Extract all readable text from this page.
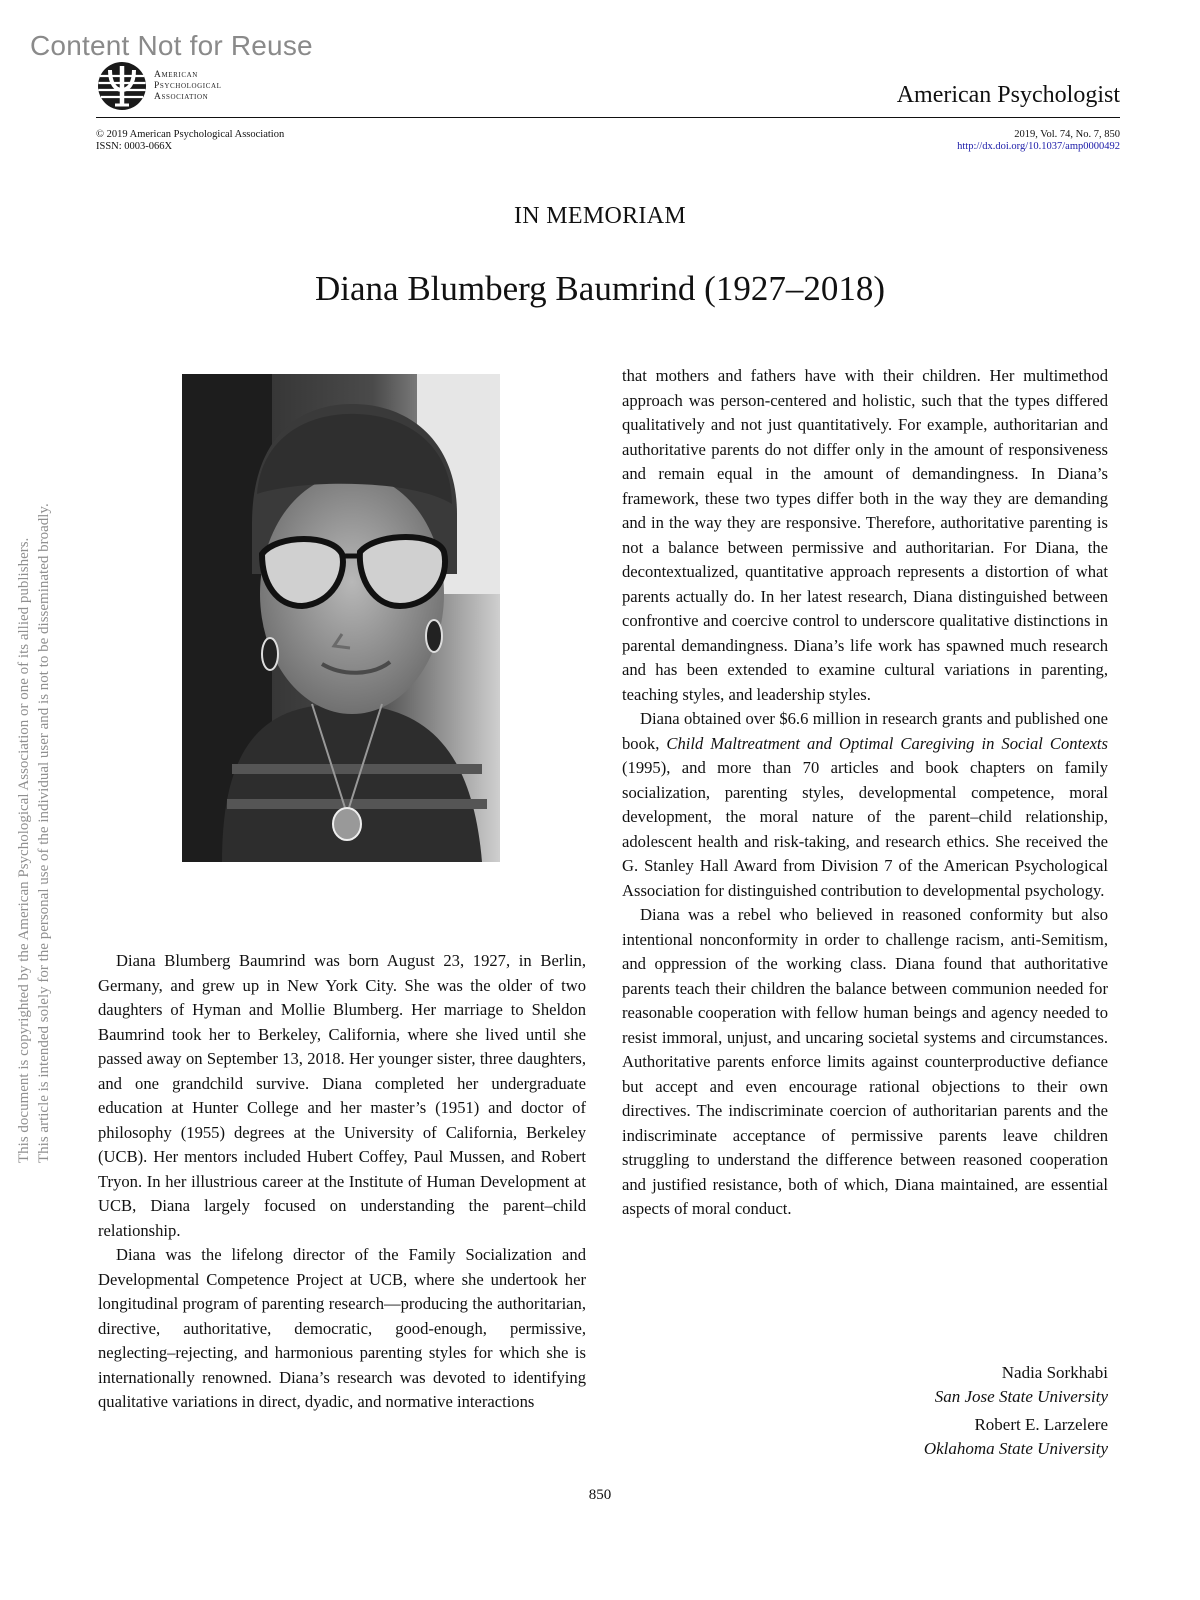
Content Not for Reuse
American
Psychological
Association	American Psychologist
© 2019 American Psychological Association
ISSN: 0003-066X
2019, Vol. 74, No. 7, 850
http://dx.doi.org/10.1037/amp0000492
This document is copyrighted by the American Psychological Association or one of its allied publishers. This article is intended solely for the personal use of the individual user and is not to be disseminated broadly.
IN MEMORIAM
Diana Blumberg Baumrind (1927–2018)

Diana Blumberg Baumrind was born August 23, 1927, in Berlin, Germany, and grew up in New York City. She was the older of two daughters of Hyman and Mollie Blumberg. Her marriage to Sheldon Baumrind took her to Berkeley, California, where she lived until she passed away on September 13, 2018. Her younger sister, three daughters, and one grandchild survive. Diana completed her undergraduate education at Hunter College and her master’s (1951) and doctor of philosophy (1955) degrees at the University of California, Berkeley (UCB). Her mentors included Hubert Coffey, Paul Mussen, and Robert Tryon. In her illustrious career at the Institute of Human Development at UCB, Diana largely focused on understanding the parent–child relationship.

Diana was the lifelong director of the Family Socialization and Developmental Competence Project at UCB, where she undertook her longitudinal program of parenting research—producing the authoritarian, directive, authoritative, democratic, good-enough, permissive, neglecting–rejecting, and harmonious parenting styles for which she is internationally renowned. Diana’s research was devoted to identifying qualitative variations in direct, dyadic, and normative interactions

that mothers and fathers have with their children. Her multimethod approach was person-centered and holistic, such that the types differed qualitatively and not just quantitatively. For example, authoritarian and authoritative parents do not differ only in the amount of responsiveness and remain equal in the amount of demandingness. In Diana’s framework, these two types differ both in the way they are demanding and in the way they are responsive. Therefore, authoritative parenting is not a balance between permissive and authoritarian. For Diana, the decontextualized, quantitative approach represents a distortion of what parents actually do. In her latest research, Diana distinguished between confrontive and coercive control to underscore qualitative distinctions in parental demandingness. Diana’s life work has spawned much research and has been extended to examine cultural variations in parenting, teaching styles, and leadership styles.

Diana obtained over $6.6 million in research grants and published one book, Child Maltreatment and Optimal Caregiving in Social Contexts (1995), and more than 70 articles and book chapters on family socialization, parenting styles, developmental competence, moral development, the moral nature of the parent–child relationship, adolescent health and risk-taking, and research ethics. She received the G. Stanley Hall Award from Division 7 of the American Psychological Association for distinguished contribution to developmental psychology.

Diana was a rebel who believed in reasoned conformity but also intentional nonconformity in order to challenge racism, anti-Semitism, and oppression of the working class. Diana found that authoritative parents teach their children the balance between communion needed for reasonable cooperation with fellow human beings and agency needed to resist immoral, unjust, and uncaring societal systems and circumstances. Authoritative parents enforce limits against counterproductive defiance but accept and even encourage rational objections to their own directives. The indiscriminate coercion of authoritarian parents and the indiscriminate acceptance of permissive parents leave children struggling to understand the difference between reasoned cooperation and justified resistance, both of which, Diana maintained, are essential aspects of moral conduct.

Nadia Sorkhabi
San Jose State University
Robert E. Larzelere
Oklahoma State University
850
